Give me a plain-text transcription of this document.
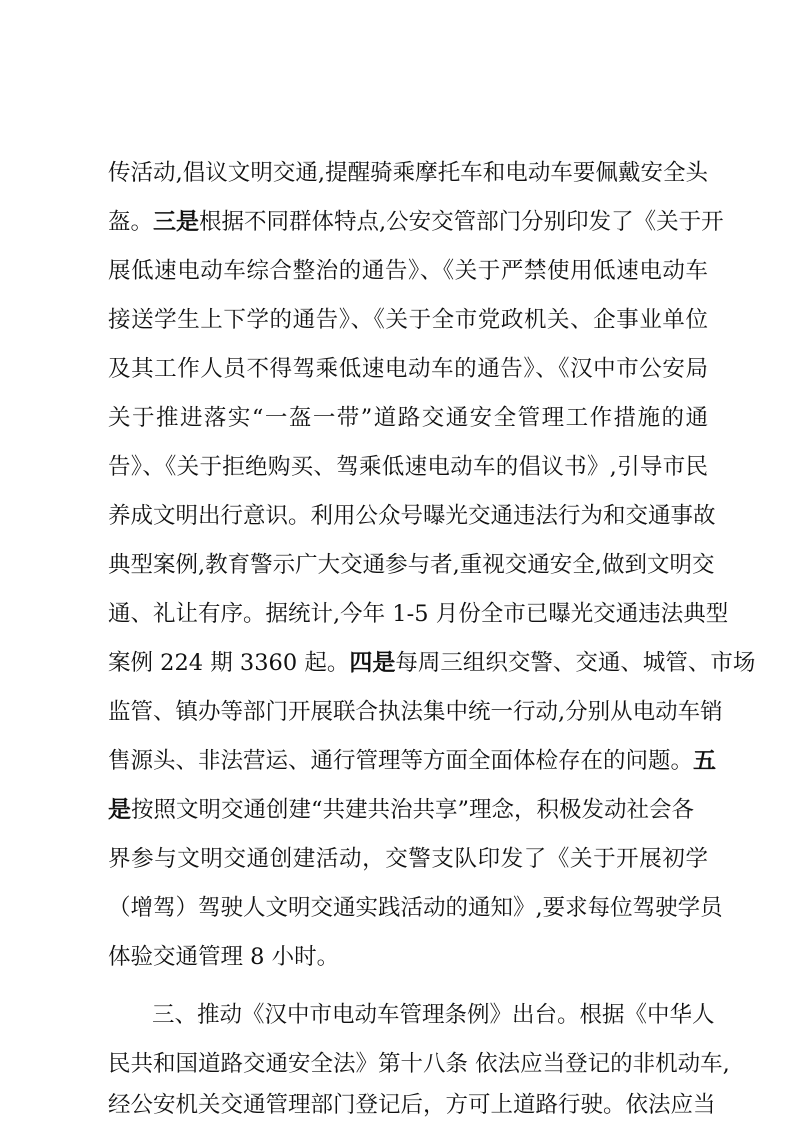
传活动,倡议文明交通,提醒骑乘摩托车和电动车要佩戴安全头
盔。三是根据不同群体特点,公安交管部门分别印发了《关于开
展低速电动车综合整治的通告》、《关于严禁使用低速电动车
接送学生上下学的通告》、《关于全市党政机关、企事业单位
及其工作人员不得驾乘低速电动车的通告》、《汉中市公安局
关于推进落实“一盔一带”道路交通安全管理工作措施的通
告》、《关于拒绝购买、驾乘低速电动车的倡议书》,引导市民
养成文明出行意识。利用公众号曝光交通违法行为和交通事故
典型案例,教育警示广大交通参与者,重视交通安全,做到文明交
通、礼让有序。据统计,今年 1-5 月份全市已曝光交通违法典型
案例 224 期 3360 起。四是每周三组织交警、交通、城管、市场
监管、镇办等部门开展联合执法集中统一行动,分别从电动车销
售源头、非法营运、通行管理等方面全面体检存在的问题。五
是按照文明交通创建“共建共治共享”理念，积极发动社会各
界参与文明交通创建活动，交警支队印发了《关于开展初学
（增驾）驾驶人文明交通实践活动的通知》,要求每位驾驶学员
体验交通管理 8 小时。
三、推动《汉中市电动车管理条例》出台。根据《中华人
民共和国道路交通安全法》第十八条 依法应当登记的非机动车,
经公安机关交通管理部门登记后，方可上道路行驶。依法应当
